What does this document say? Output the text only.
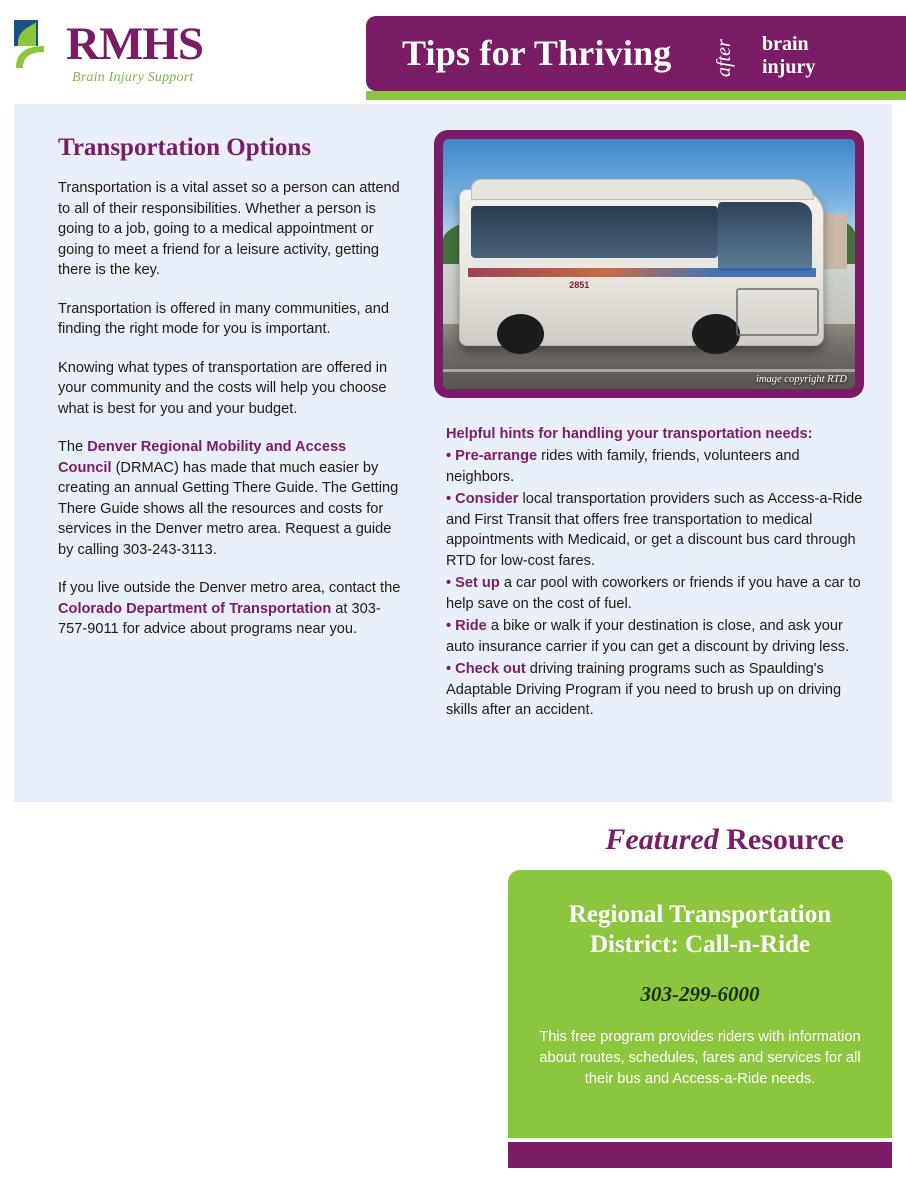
RMHS
Brain Injury Support
Tips for Thriving after brain
injury
Transportation Options

Transportation is a vital asset so a person can attend to all of their responsibilities. Whether a person is going to a job, going to a medical appointment or going to meet a friend for a leisure activity, getting there is the key.

Transportation is offered in many communities, and finding the right mode for you is important.

Knowing what types of transportation are offered in your community and the costs will help you choose what is best for you and your budget.

The Denver Regional Mobility and Access Council (DRMAC) has made that much easier by creating an annual Getting There Guide. The Getting There Guide shows all the resources and costs for services in the Denver metro area. Request a guide by calling 303-243-3113.

If you live outside the Denver metro area, contact the Colorado Department of Transportation at 303-757-9011 for advice about programs near you.

2851
image copyright RTD
Helpful hints for handling your transportation needs:

• Pre-arrange rides with family, friends, volunteers and neighbors.

• Consider local transportation providers such as Access-a-Ride and First Transit that offers free transportation to medical appointments with Medicaid, or get a discount bus card through RTD for low-cost fares.

• Set up a car pool with coworkers or friends if you have a car to help save on the cost of fuel.

• Ride a bike or walk if your destination is close, and ask your auto insurance carrier if you can get a discount by driving less.

• Check out driving training programs such as Spaulding's Adaptable Driving Program if you need to brush up on driving skills after an accident.

Featured Resource
Regional Transportation District: Call-n-Ride
303-299-6000
This free program provides riders with information about routes, schedules, fares and services for all their bus and Access-a-Ride needs.
